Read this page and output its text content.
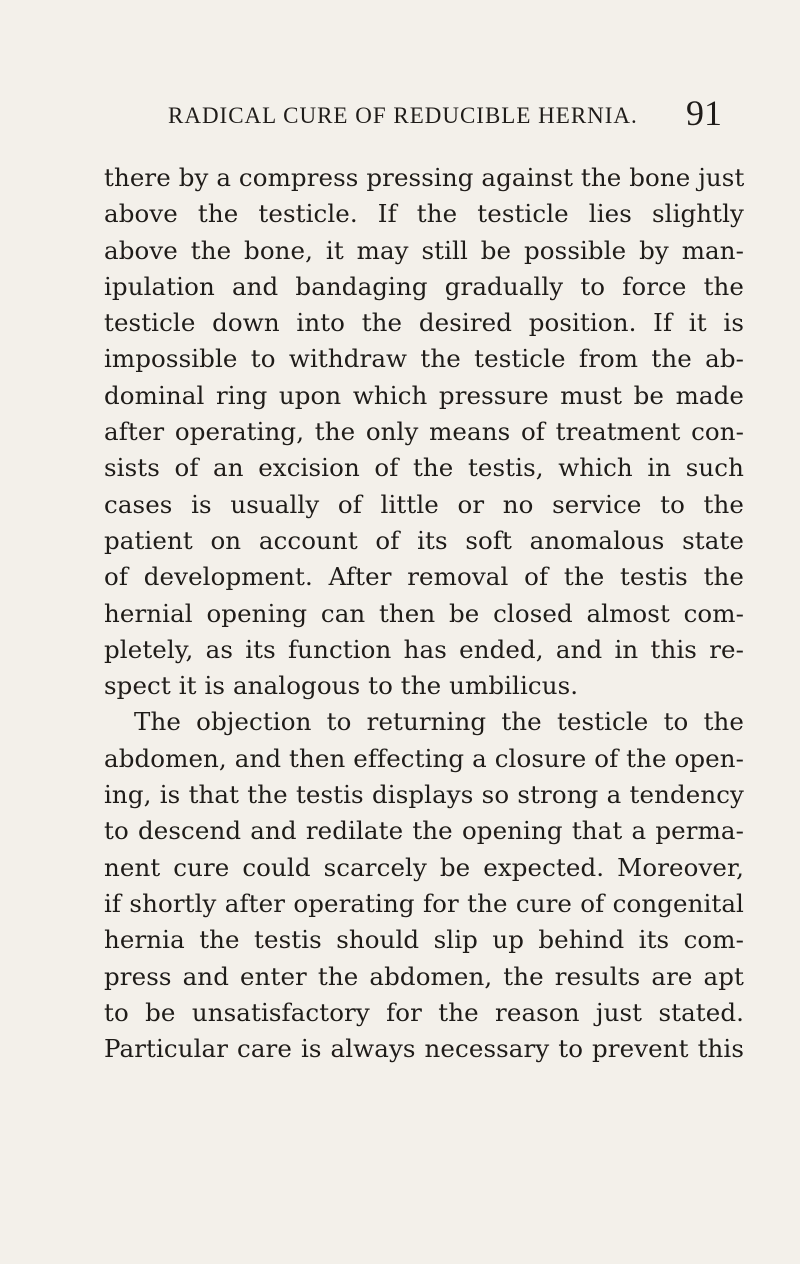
RADICAL CURE OF REDUCIBLE HERNIA.	91
there by a compress pressing against the bone just
above the testicle. If the testicle lies slightly
above the bone, it may still be possible by man-
ipulation and bandaging gradually to force the
testicle down into the desired position. If it is
impossible to withdraw the testicle from the ab-
dominal ring upon which pressure must be made
after operating, the only means of treatment con-
sists of an excision of the testis, which in such
cases is usually of little or no service to the
patient on account of its soft anomalous state
of development. After removal of the testis the
hernial opening can then be closed almost com-
pletely, as its function has ended, and in this re-
spect it is analogous to the umbilicus.
The objection to returning the testicle to the
abdomen, and then effecting a closure of the open-
ing, is that the testis displays so strong a tendency
to descend and redilate the opening that a perma-
nent cure could scarcely be expected. Moreover,
if shortly after operating for the cure of congenital
hernia the testis should slip up behind its com-
press and enter the abdomen, the results are apt
to be unsatisfactory for the reason just stated.
Particular care is always necessary to prevent this
